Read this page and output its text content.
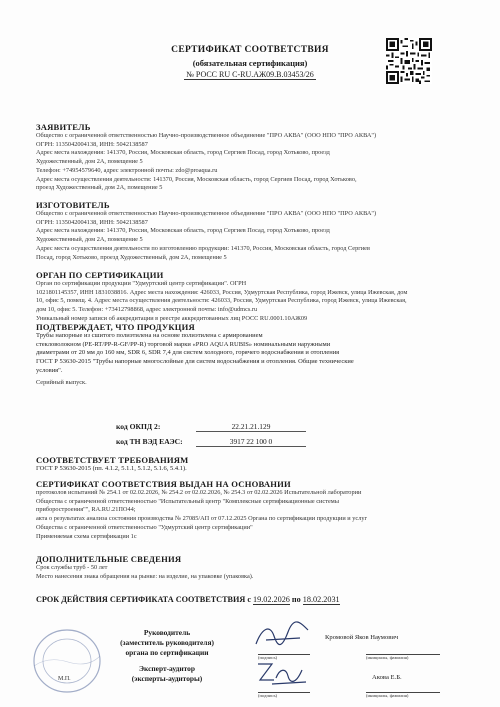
СЕРТИФИКАТ СООТВЕТСТВИЯ
(обязательная сертификация)
№ РОСС RU C-RU.АЖ09.В.03453/26
ЗАЯВИТЕЛЬ
Общество с ограниченной ответственностью Научно-производственное объединение "ПРО АКВА" (ООО НПО "ПРО АКВА")
ОГРН: 1135042004138, ИНН: 5042138587
Адрес места нахождения: 141370, Россия, Московская область, город Сергиев Посад, город Хотьково, проезд
Художественный, дом 2А, помещение 5
Телефон: +74954579640, адрес электронной почты: zdo@proaqua.ru
Адрес места осуществления деятельности: 141370, Россия, Московская область, город Сергиев Посад, город Хотьково,
проезд Художественный, дом 2А, помещение 5
ИЗГОТОВИТЕЛЬ
Общество с ограниченной ответственностью Научно-производственное объединение "ПРО АКВА" (ООО НПО "ПРО АКВА")
ОГРН: 1135042004138, ИНН: 5042138587
Адрес места нахождения: 141370, Россия, Московская область, город Сергиев Посад, город Хотьково, проезд
Художественный, дом 2А, помещение 5
Адрес места осуществления деятельности по изготовлению продукции: 141370, Россия, Московская область, город Сергиев
Посад, город Хотьково, проезд Художественный, дом 2А, помещение 5
ОРГАН ПО СЕРТИФИКАЦИИ
Орган по сертификации продукции "Удмуртский центр сертификации". ОГРН
1021801145357, ИНН 1831038816. Адрес места нахождения: 426033, Россия, Удмуртская Республика, город Ижевск, улица Ижевская, дом
10, офис 5, помещ. 4. Адрес места осуществления деятельности: 426033, Россия, Удмуртская Республика, город Ижевск, улица Ижевская,
дом 10, офис 5. Телефон: +73412798868, адрес электронной почты: info@udmcs.ru
Уникальный номер записи об аккредитации в реестре аккредитованных лиц РОСС RU.0001.10АЖ09
ПОДТВЕРЖДАЕТ, ЧТО ПРОДУКЦИЯ
Трубы напорные из сшитого полиэтилена на основе полиэтилена с армированием
стекловолокном (PE-RT/PP-R-GF/PP-R) торговой марки «PRO AQUA RUBIS» номинальными наружными
диаметрами от 20 мм до 160 мм, SDR 6, SDR 7,4 для систем холодного, горячего водоснабжения и отопления
ГОСТ Р 53630-2015 "Трубы напорные многослойные для систем водоснабжения и отопления. Общие технические
условия".
Серийный выпуск.
код ОКПД 2:	22.21.21.129
код ТН ВЭД ЕАЭС:	3917 22 100 0
СООТВЕТСТВУЕТ ТРЕБОВАНИЯМ
ГОСТ Р 53630-2015 (пп. 4.1.2, 5.1.1, 5.1.2, 5.1.6, 5.4.1).
СЕРТИФИКАТ СООТВЕТСТВИЯ ВЫДАН НА ОСНОВАНИИ
протоколов испытаний № 254.1 от 02.02.2026, № 254.2 от 02.02.2026, № 254.3 от 02.02.2026 Испытательной лаборатории
Общества с ограниченной ответственностью "Испытательный центр "Комплексные сертификационные системы
приборостроения"", RA.RU.21ПО44;
акта о результатах анализа состояния производства № 27085/АП от 07.12.2025 Органа по сертификации продукции и услуг
Общества с ограниченной ответственностью "Удмуртский центр сертификации"
Применяемая схема сертификации 1с
ДОПОЛНИТЕЛЬНЫЕ СВЕДЕНИЯ
Срок службы труб - 50 лет
Место нанесения знака обращения на рынке: на изделие, на упаковке (упаковка).
СРОК ДЕЙСТВИЯ СЕРТИФИКАТА СООТВЕТСТВИЯ с 19.02.2026 по 18.02.2031
М.П.
Руководитель
(заместитель руководителя)
органа по сертификации
Эксперт-аудитор
(эксперты-аудиторы)
Кромовой Яков Наумович
(подпись)	(инициалы, фамилия)
Акова Е.Б.
(подпись)	(инициалы, фамилия)
